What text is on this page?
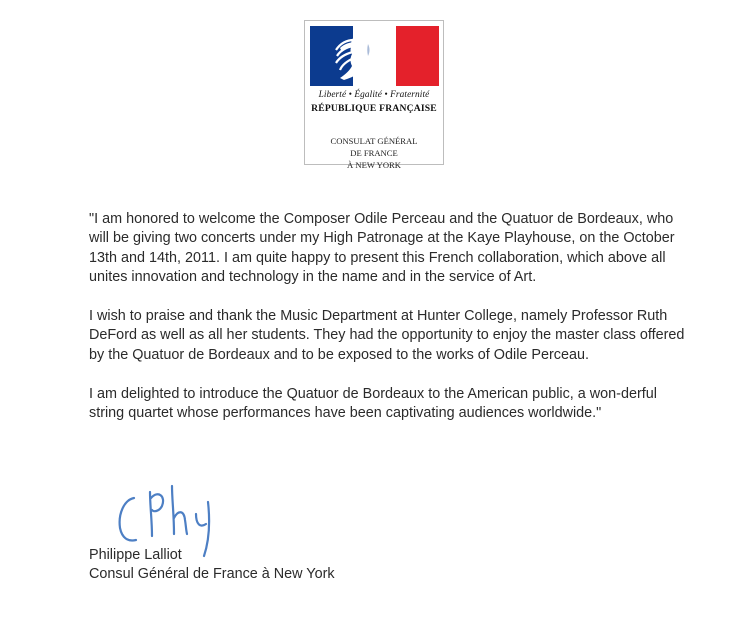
Liberté • Égalité • Fraternité
RÉPUBLIQUE FRANÇAISE
CONSULAT GÉNÉRAL
DE FRANCE
À NEW YORK

"I am honored to welcome the Composer Odile Perceau and the Quatuor de Bordeaux, who will be giving two concerts under my High Patronage at the Kaye Playhouse, on the October 13th and 14th, 2011. I am quite happy to present this French collaboration, which above all unites innovation and technology in the name and in the service of Art.

I wish to praise and thank the Music Department at Hunter College, namely Professor Ruth DeFord as well as all her students. They had the opportunity to enjoy the master class offered by the Quatuor de Bordeaux and to be exposed to the works of Odile Perceau.

I am delighted to introduce the Quatuor de Bordeaux to the American public, a won-derful string quartet whose performances have been captivating audiences worldwide."

Philippe Lalliot
Consul Général de France à New York
